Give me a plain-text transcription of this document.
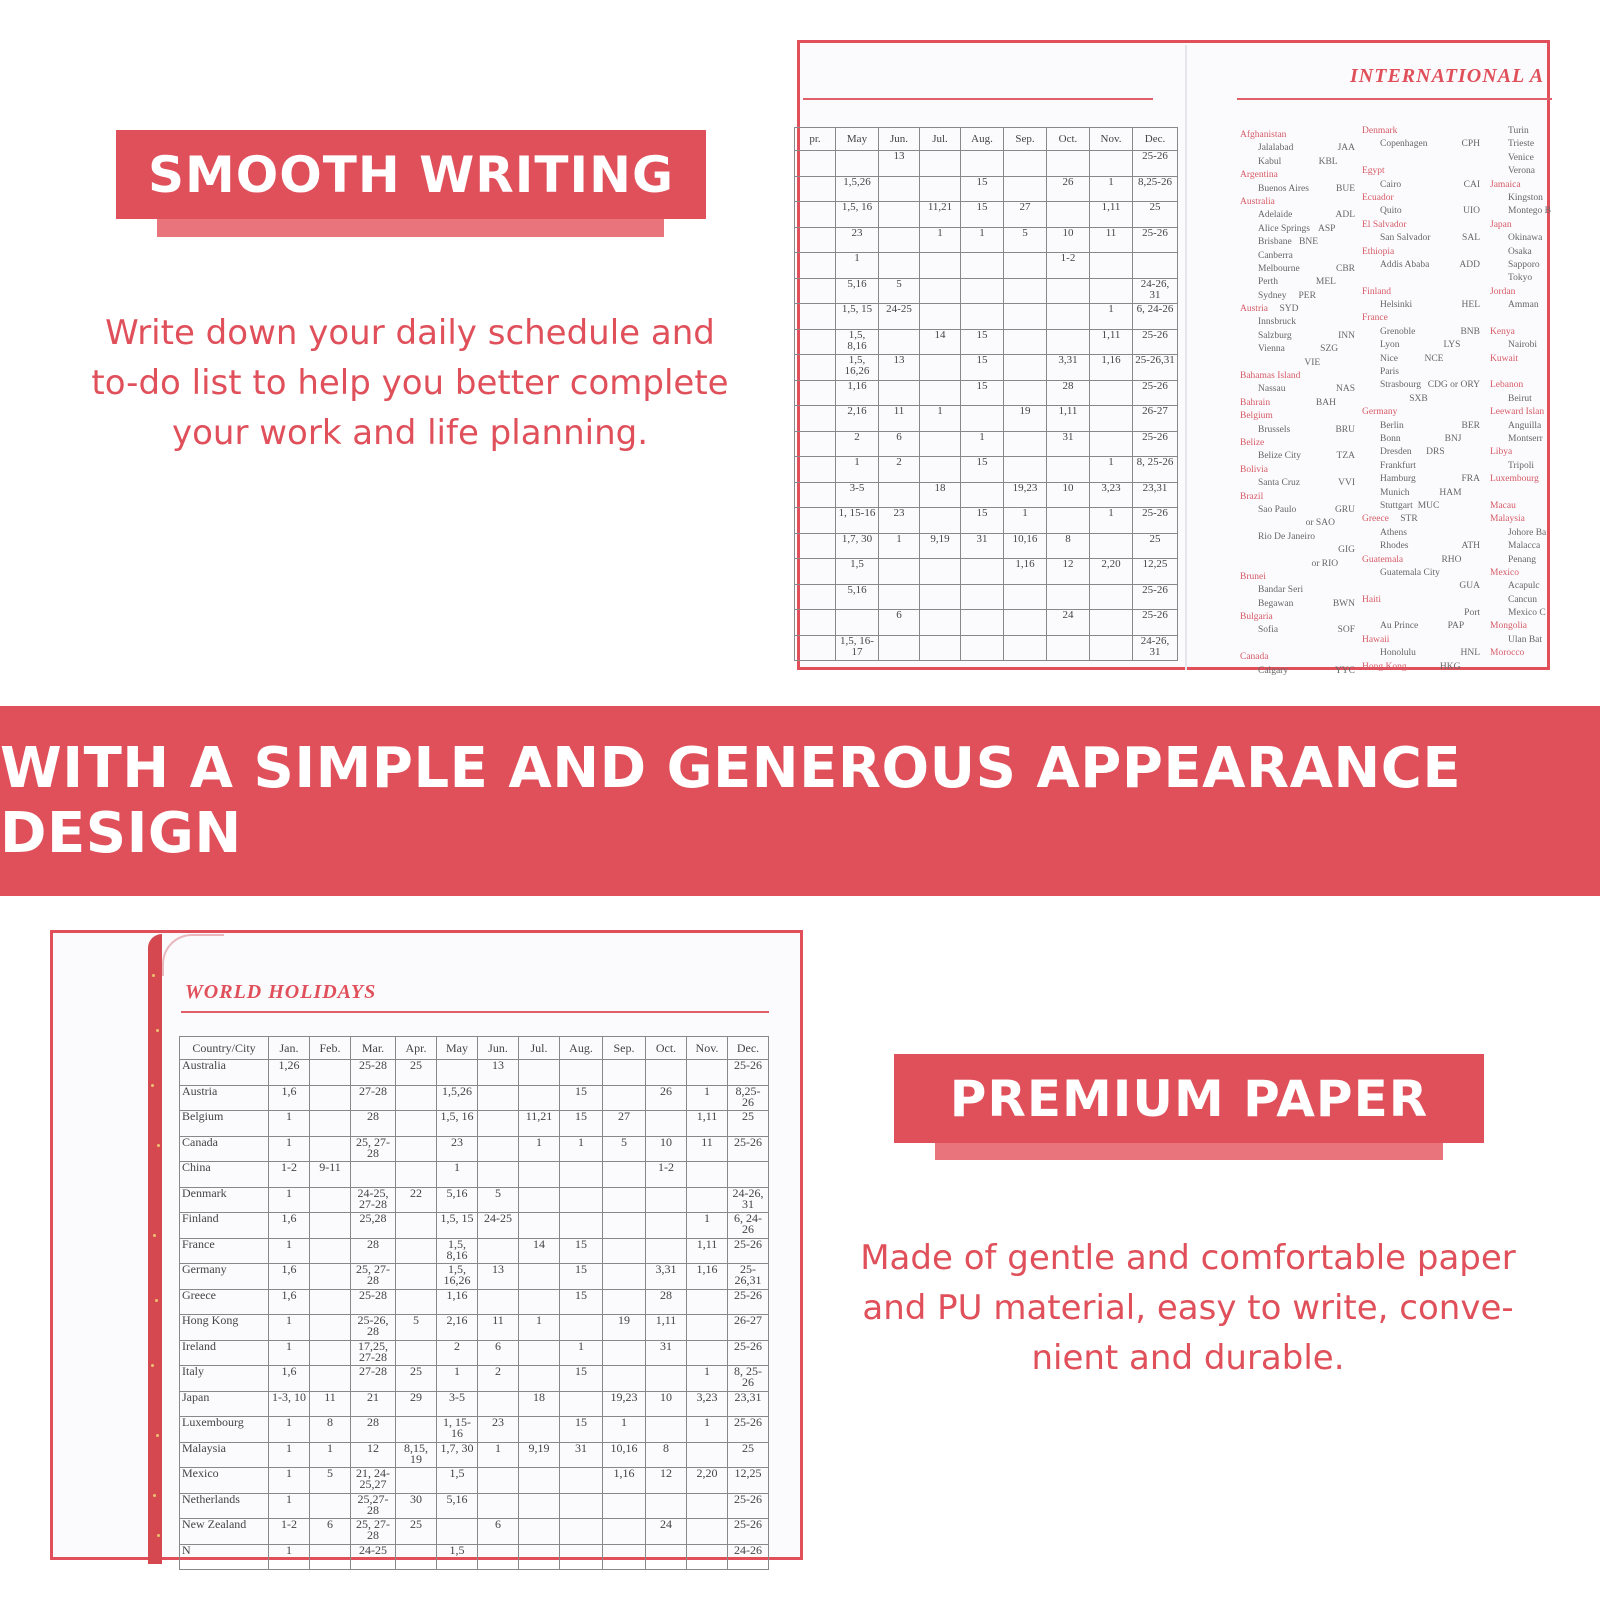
SMOOTH WRITING
Write down your daily schedule and to-do list to help you better complete your work and life planning.
INTERNATIONAL A
pr.	May	Jun.	Jul.	Aug.	Sep.	Oct.	Nov.	Dec.
		13						25-26
	1,5,26			15		26	1	8,25-26
	1,5, 16		11,21	15	27		1,11	25
	23		1	1	5	10	11	25-26
	1					1-2		
	5,16	5						24-26, 31
	1,5, 15	24-25					1	6, 24-26
	1,5, 8,16		14	15			1,11	25-26
	1,5, 16,26	13		15		3,31	1,16	25-26,31
	1,16			15		28		25-26
	2,16	11	1		19	1,11		26-27
	2	6		1		31		25-26
	1	2		15			1	8, 25-26
	3-5		18		19,23	10	3,23	23,31
	1, 15-16	23		15	1		1	25-26
	1,7, 30	1	9,19	31	10,16	8		25
	1,5				1,16	12	2,20	12,25
	5,16							25-26
		6				24		25-26
	1,5, 16-17							24-26, 31
Afghanistan
Jalalabad	JAA
Kabul	KBL
Argentina
Buenos Aires	BUE
Australia
Adelaide	ADL
Alice Springs ASP
Brisbane BNE
Canberra
CBR
Melbourne
MEL
Perth
PER
Sydney
SYD
Austria
Innsbruck
INN
Salzburg
SZG
Vienna
VIE
Bahamas Island
Nassau	NAS
Bahrain	BAH
Belgium
Brussels	BRU
Belize
Belize City	TZA
Bolivia
Santa Cruz	VVI
Brazil
Sao Paulo	GRU
or SAO
Rio De Janeiro
GIG
or RIO
Brunei
Bandar Seri
Begawan	BWN
Bulgaria
Sofia	SOF
Canada
Calgary	YYC
Denmark
Copenhagen	CPH
Egypt
Cairo	CAI
Ecuador
Quito	UIO
El Salvador
San Salvador	SAL
Ethiopia
Addis Ababa	ADD
Finland
Helsinki	HEL
France
Grenoble	BNB
Lyon	LYS
Nice	NCE
Paris
CDG or ORY
Strasbourg
SXB
Germany
Berlin	BER
Bonn	BNJ
Dresden DRS
Frankfurt
FRA
Hamburg
HAM
Munich
MUC
Stuttgart
STR
Greece
Athens
ATH
Rhodes
RHO
Guatemala
Guatemala City
GUA
Haiti
Port
Au Prince	PAP
Hawaii
Honolulu	HNL
Hong Kong	HKG
Turin
Trieste
Venice
Verona
Jamaica
Kingston
Montego B
Japan
Okinawa
Osaka
Sapporo
Tokyo
Jordan
Amman
Kenya
Nairobi
Kuwait
Lebanon
Beirut
Leeward Islan
Anguilla
Montserr
Libya
Tripoli
Luxembourg
Macau
Malaysia
Johore Ba
Malacca
Penang
Mexico
Acapulc
Cancun
Mexico C
Mongolia
Ulan Bat
Morocco
WITH A SIMPLE AND GENEROUS APPEARANCE DESIGN
WORLD HOLIDAYS
Country/City	Jan.	Feb.	Mar.	Apr.	May	Jun.	Jul.	Aug.	Sep.	Oct.	Nov.	Dec.
Australia	1,26		25-28	25		13						25-26
Austria	1,6		27-28		1,5,26			15		26	1	8,25-26
Belgium	1		28		1,5, 16		11,21	15	27		1,11	25
Canada	1		25, 27-28		23		1	1	5	10	11	25-26
China	1-2	9-11			1					1-2		
Denmark	1		24-25, 27-28	22	5,16	5						24-26, 31
Finland	1,6		25,28		1,5, 15	24-25					1	6, 24-26
France	1		28		1,5, 8,16		14	15			1,11	25-26
Germany	1,6		25, 27-28		1,5, 16,26	13		15		3,31	1,16	25-26,31
Greece	1,6		25-28		1,16			15		28		25-26
Hong Kong	1		25-26, 28	5	2,16	11	1		19	1,11		26-27
Ireland	1		17,25, 27-28		2	6		1		31		25-26
Italy	1,6		27-28	25	1	2		15			1	8, 25-26
Japan	1-3, 10	11	21	29	3-5		18		19,23	10	3,23	23,31
Luxembourg	1	8	28		1, 15-16	23		15	1		1	25-26
Malaysia	1	1	12	8,15, 19	1,7, 30	1	9,19	31	10,16	8		25
Mexico	1	5	21, 24-25,27		1,5				1,16	12	2,20	12,25
Netherlands	1		25,27-28	30	5,16							25-26
New Zealand	1-2	6	25, 27-28	25		6				24		25-26
N	1		24-25		1,5							24-26
PREMIUM PAPER
Made of gentle and comfortable paper and PU material, easy to write, conve-nient and durable.
